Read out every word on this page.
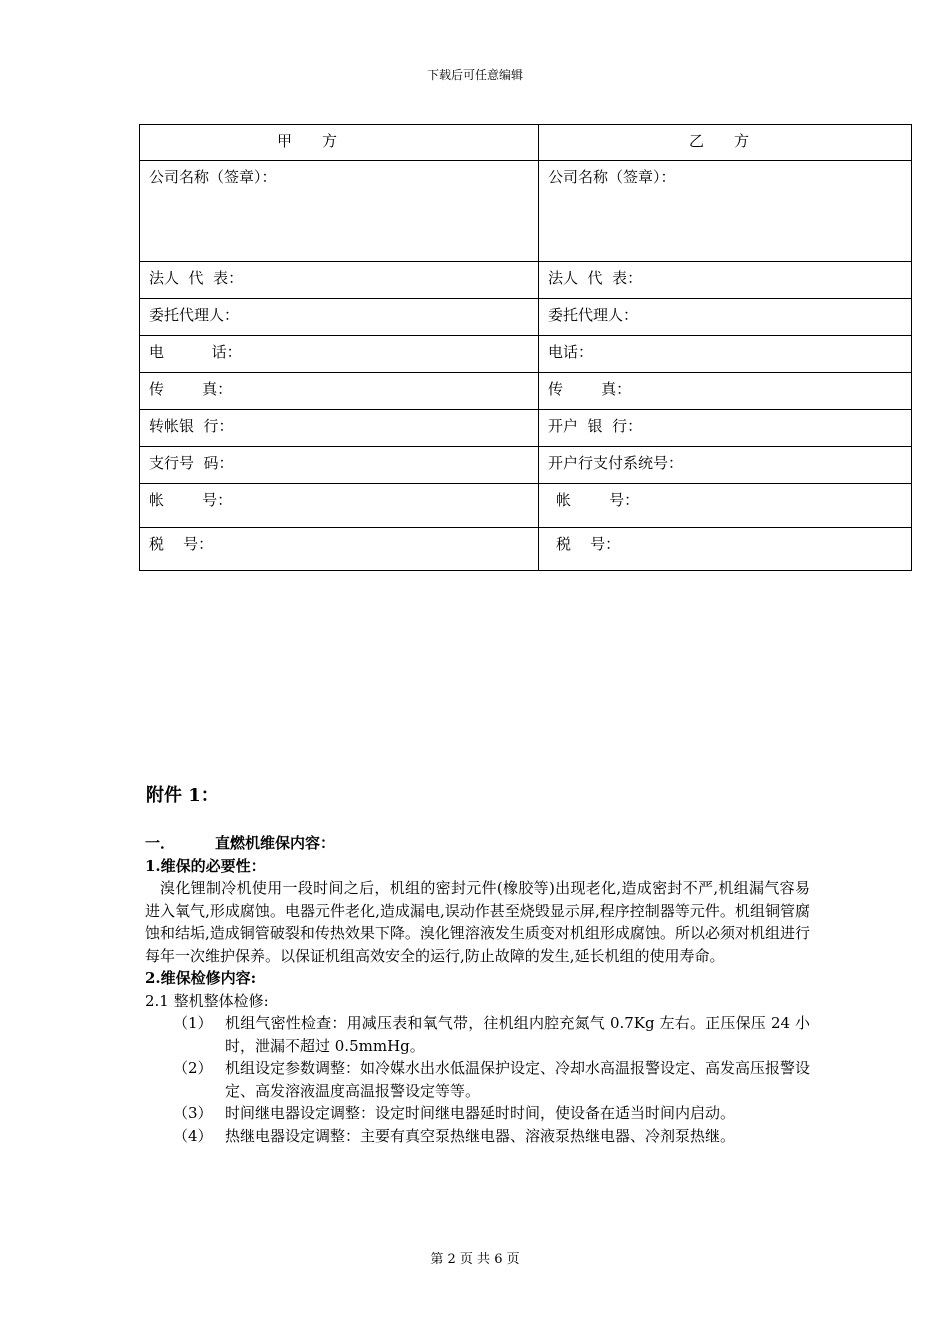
下载后可任意编辑
甲　　方	乙　　方
公司名称（签章）：	公司名称（签章）：
法人  代  表：	法人  代  表：
委托代理人：	委托代理人：
电          话：	电话：
传        真：	传        真：
转帐银  行：	开户  银  行：
支行号  码：	开户行支付系统号：
帐        号：	帐        号：
税    号：	税    号：
附件 1：
一．	直燃机维保内容：
1.维保的必要性：

溴化锂制冷机使用一段时间之后，机组的密封元件(橡胶等)出现老化,造成密封不严,机组漏气容易进入氧气,形成腐蚀。电器元件老化,造成漏电,误动作甚至烧毁显示屏,程序控制器等元件。机组铜管腐蚀和结垢,造成铜管破裂和传热效果下降。溴化锂溶液发生质变对机组形成腐蚀。所以必须对机组进行每年一次维护保养。以保证机组高效安全的运行,防止故障的发生,延长机组的使用寿命。

2.维保检修内容:
2.1 整机整体检修:
（1） 机组气密性检查：用减压表和氧气带，往机组内腔充氮气 0.7Kg 左右。正压保压 24 小时，泄漏不超过 0.5mmHg。
（2） 机组设定参数调整：如冷媒水出水低温保护设定、冷却水高温报警设定、高发高压报警设定、高发溶液温度高温报警设定等等。
（3） 时间继电器设定调整：设定时间继电器延时时间，使设备在适当时间内启动。
（4） 热继电器设定调整：主要有真空泵热继电器、溶液泵热继电器、冷剂泵热继。
第 2 页 共 6 页
